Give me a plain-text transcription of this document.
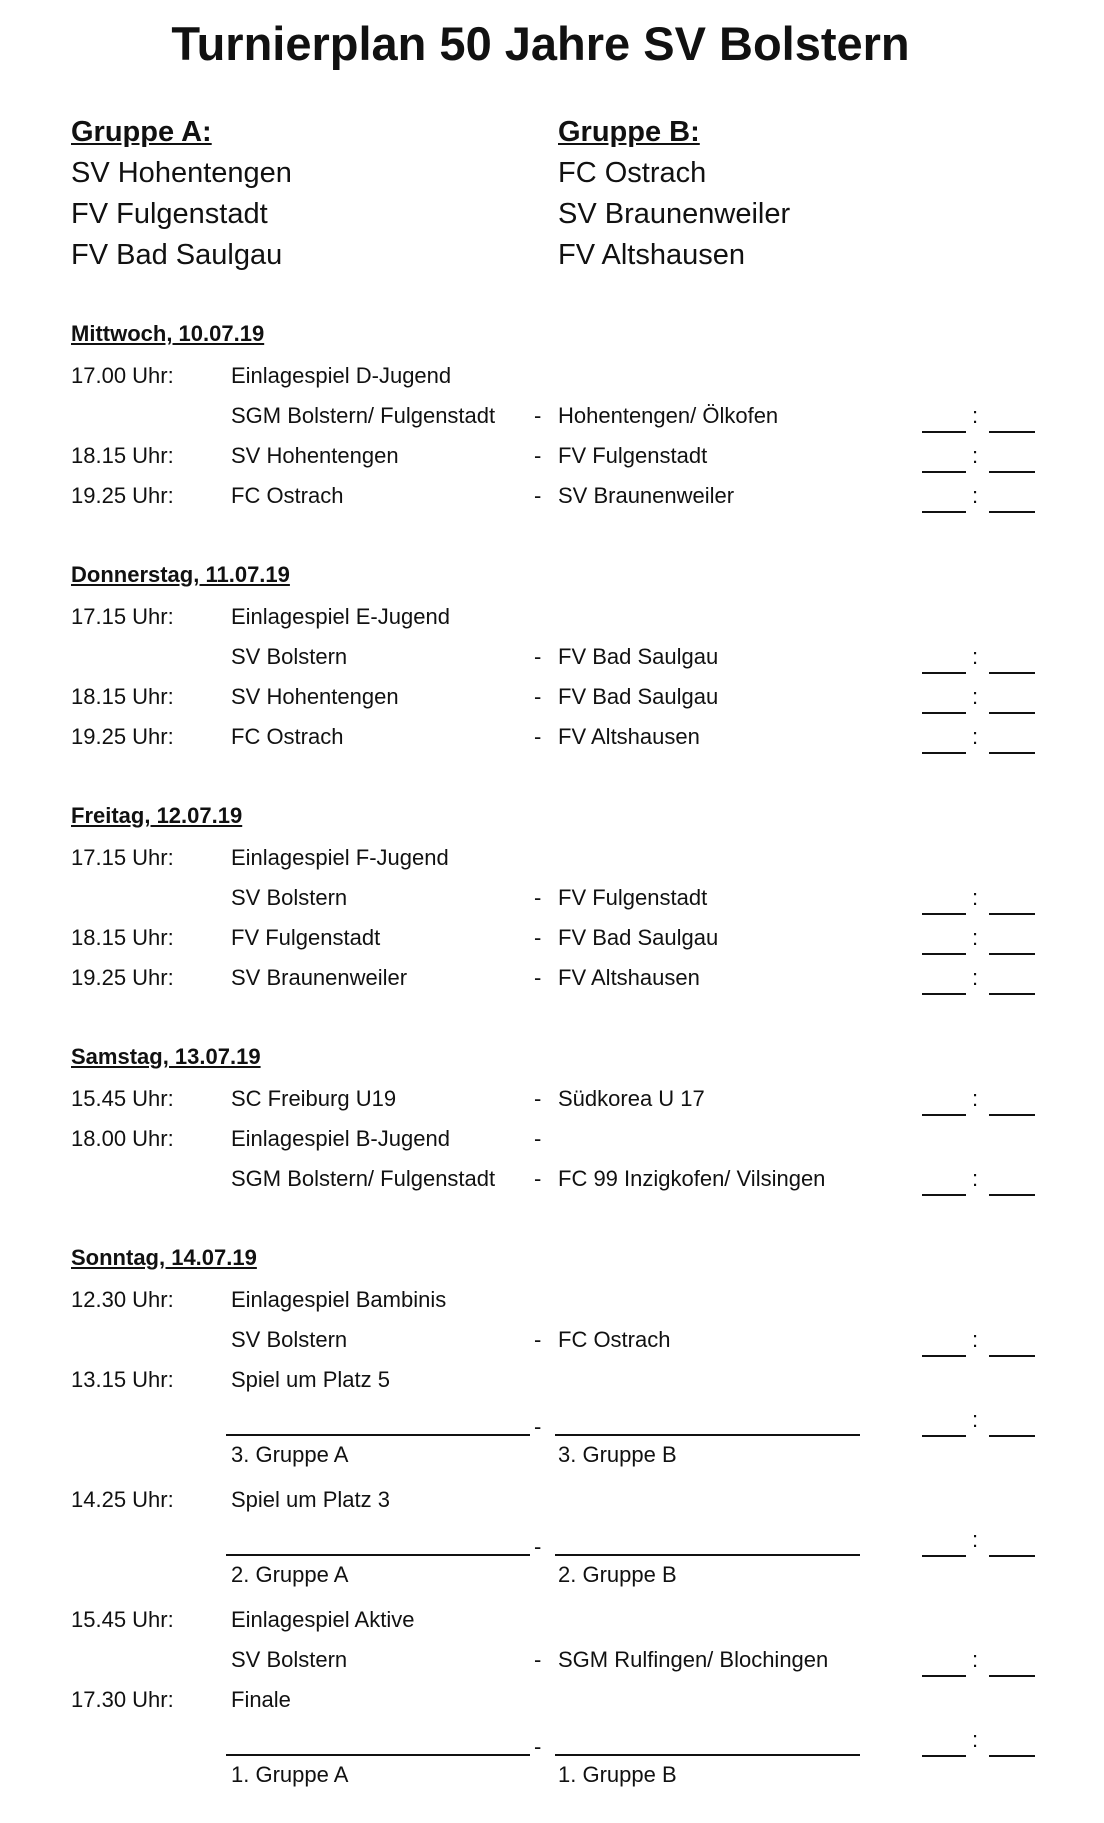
Turnierplan 50 Jahre SV Bolstern
Gruppe A:
SV Hohentengen
FV Fulgenstadt
FV Bad Saulgau
Gruppe B:
FC Ostrach
SV Braunenweiler
FV Altshausen
Mittwoch, 10.07.19
17.00 Uhr:	Einlagespiel D-Jugend
SGM Bolstern/ Fulgenstadt - Hohentengen/ Ölkofen	:
18.15 Uhr:	SV Hohentengen	- FV Fulgenstadt	:
19.25 Uhr:	FC Ostrach	- SV Braunenweiler	:
Donnerstag, 11.07.19
17.15 Uhr:	Einlagespiel E-Jugend
SV Bolstern	- FV Bad Saulgau	:
18.15 Uhr:	SV Hohentengen	- FV Bad Saulgau	:
19.25 Uhr:	FC Ostrach	- FV Altshausen	:
Freitag, 12.07.19
17.15 Uhr:	Einlagespiel F-Jugend
SV Bolstern	- FV Fulgenstadt	:
18.15 Uhr:	FV Fulgenstadt	- FV Bad Saulgau	:
19.25 Uhr:	SV Braunenweiler	- FV Altshausen	:
Samstag, 13.07.19
15.45 Uhr:	SC Freiburg U19	- Südkorea U 17	:
18.00 Uhr:	Einlagespiel B-Jugend	-
SGM Bolstern/ Fulgenstadt - FC 99 Inzigkofen/ Vilsingen	:
Sonntag, 14.07.19
12.30 Uhr:	Einlagespiel Bambinis
SV Bolstern	- FC Ostrach	:
13.15 Uhr:	Spiel um Platz 5
-	:
3. Gruppe A	3. Gruppe B
14.25 Uhr:	Spiel um Platz 3
-	:
2. Gruppe A	2. Gruppe B
15.45 Uhr:	Einlagespiel Aktive
SV Bolstern	- SGM Rulfingen/ Blochingen	:
17.30 Uhr:	Finale
-	:
1. Gruppe A	1. Gruppe B
